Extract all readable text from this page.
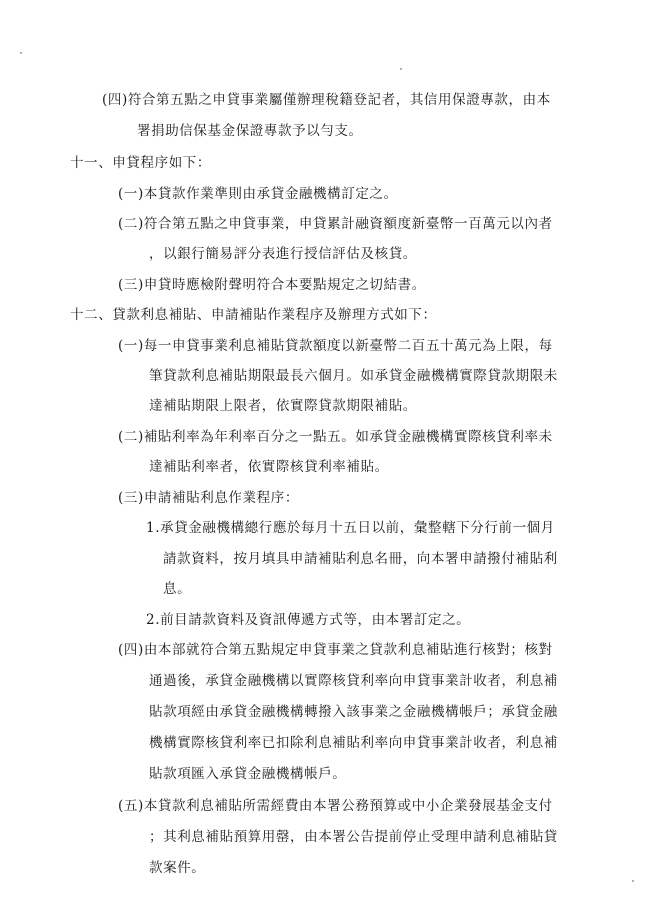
(四)符合第五點之申貸事業屬僅辦理稅籍登記者，其信用保證專款，由本
署捐助信保基金保證專款予以勻支。
十一、申貸程序如下：
(一)本貸款作業準則由承貸金融機構訂定之。
(二)符合第五點之申貸事業，申貸累計融資額度新臺幣一百萬元以內者
，以銀行簡易評分表進行授信評估及核貸。
(三)申貸時應檢附聲明符合本要點規定之切結書。
十二、貸款利息補貼、申請補貼作業程序及辦理方式如下：
(一)每一申貸事業利息補貼貸款額度以新臺幣二百五十萬元為上限，每
筆貸款利息補貼期限最長六個月。如承貸金融機構實際貸款期限未
達補貼期限上限者，依實際貸款期限補貼。
(二)補貼利率為年利率百分之一點五。如承貸金融機構實際核貸利率未
達補貼利率者，依實際核貸利率補貼。
(三)申請補貼利息作業程序：
1.承貸金融機構總行應於每月十五日以前，彙整轄下分行前一個月
請款資料，按月填具申請補貼利息名冊，向本署申請撥付補貼利
息。
2.前目請款資料及資訊傳遞方式等，由本署訂定之。
(四)由本部就符合第五點規定申貸事業之貸款利息補貼進行核對；核對
通過後，承貸金融機構以實際核貸利率向申貸事業計收者，利息補
貼款項經由承貸金融機構轉撥入該事業之金融機構帳戶；承貸金融
機構實際核貸利率已扣除利息補貼利率向申貸事業計收者，利息補
貼款項匯入承貸金融機構帳戶。
(五)本貸款利息補貼所需經費由本署公務預算或中小企業發展基金支付
；其利息補貼預算用罄，由本署公告提前停止受理申請利息補貼貸
款案件。
